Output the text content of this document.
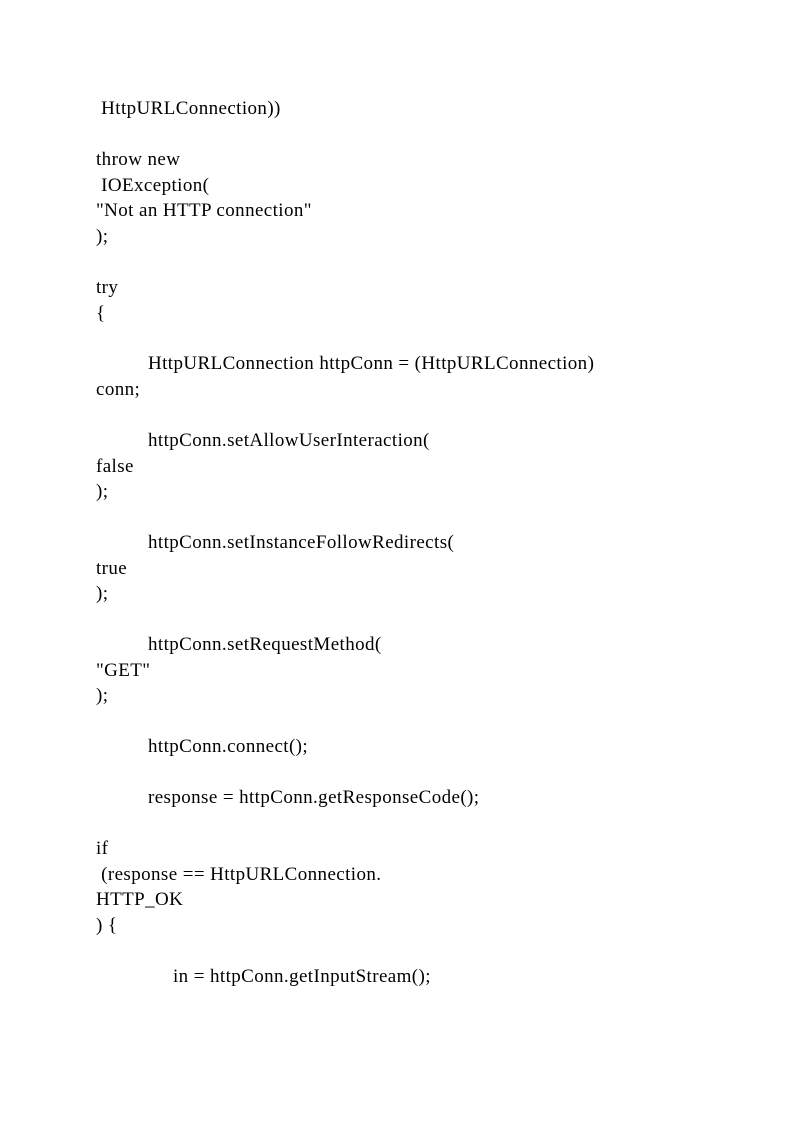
HttpURLConnection))
throw new
IOException(
"Not an HTTP connection"
);
try
{
HttpURLConnection httpConn = (HttpURLConnection)
conn;
httpConn.setAllowUserInteraction(
false
);
httpConn.setInstanceFollowRedirects(
true
);
httpConn.setRequestMethod(
"GET"
);
httpConn.connect();
response = httpConn.getResponseCode();
if
(response == HttpURLConnection.
HTTP_OK
) {
in = httpConn.getInputStream();
